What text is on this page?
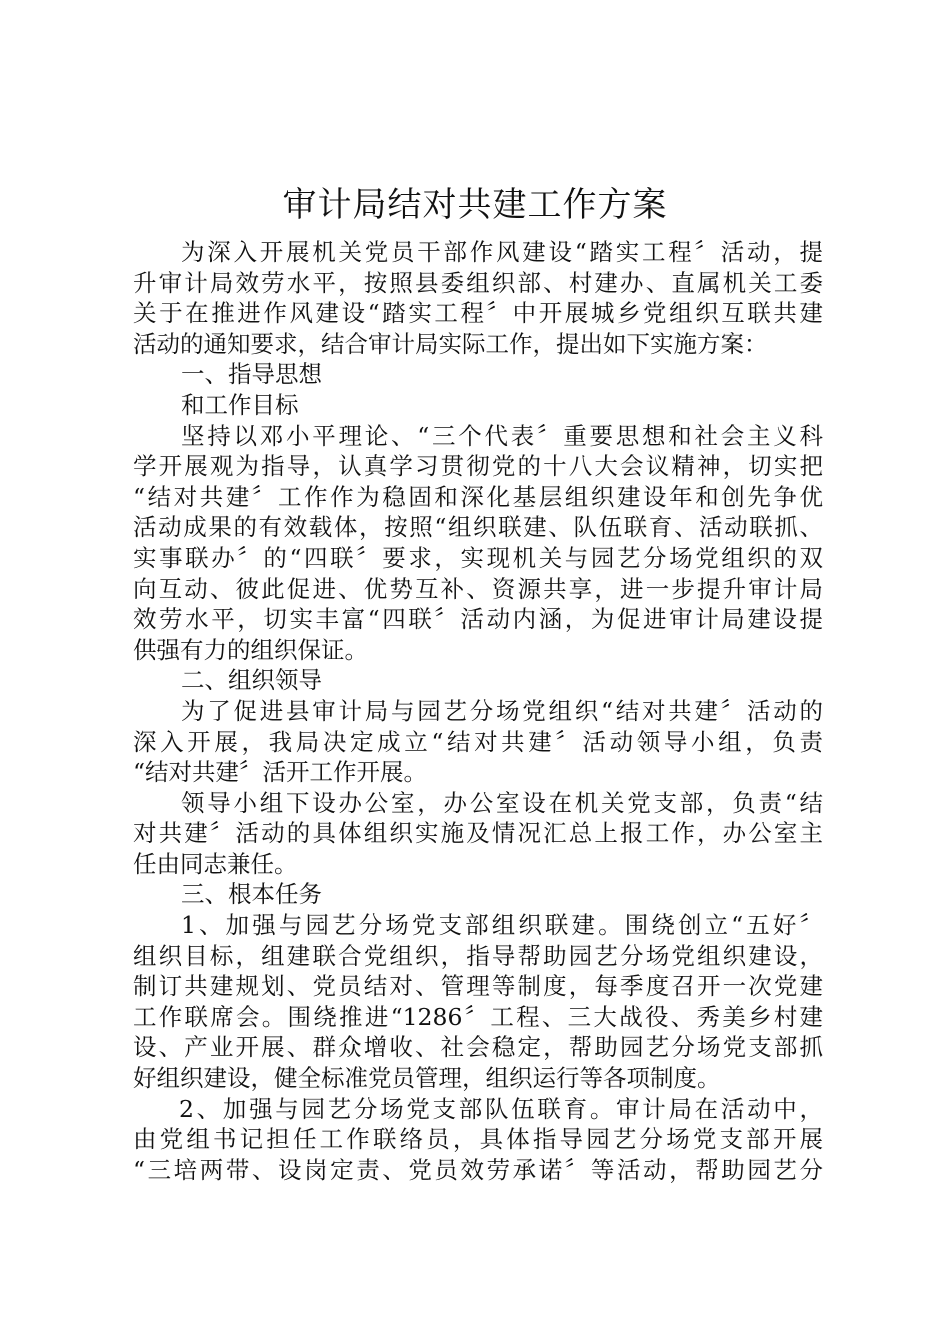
审计局结对共建工作方案
为深入开展机关党员干部作风建设“踏实工程〞活动，提
升审计局效劳水平，按照县委组织部、村建办、直属机关工委
关于在推进作风建设“踏实工程〞中开展城乡党组织互联共建
活动的通知要求，结合审计局实际工作，提出如下实施方案：
一、指导思想
和工作目标
坚持以邓小平理论、“三个代表〞重要思想和社会主义科
学开展观为指导，认真学习贯彻党的十八大会议精神，切实把
“结对共建〞工作作为稳固和深化基层组织建设年和创先争优
活动成果的有效载体，按照“组织联建、队伍联育、活动联抓、
实事联办〞的“四联〞要求，实现机关与园艺分场党组织的双
向互动、彼此促进、优势互补、资源共享，进一步提升审计局
效劳水平，切实丰富“四联〞活动内涵，为促进审计局建设提
供强有力的组织保证。
二、组织领导
为了促进县审计局与园艺分场党组织“结对共建〞活动的
深入开展，我局决定成立“结对共建〞活动领导小组，负责
“结对共建〞活开工作开展。
领导小组下设办公室，办公室设在机关党支部，负责“结
对共建〞活动的具体组织实施及情况汇总上报工作，办公室主
任由同志兼任。
三、根本任务
1、加强与园艺分场党支部组织联建。围绕创立“五好〞
组织目标，组建联合党组织，指导帮助园艺分场党组织建设，
制订共建规划、党员结对、管理等制度，每季度召开一次党建
工作联席会。围绕推进“1286〞工程、三大战役、秀美乡村建
设、产业开展、群众增收、社会稳定，帮助园艺分场党支部抓
好组织建设，健全标准党员管理，组织运行等各项制度。
2、加强与园艺分场党支部队伍联育。审计局在活动中，
由党组书记担任工作联络员，具体指导园艺分场党支部开展
“三培两带、设岗定责、党员效劳承诺〞等活动，帮助园艺分
